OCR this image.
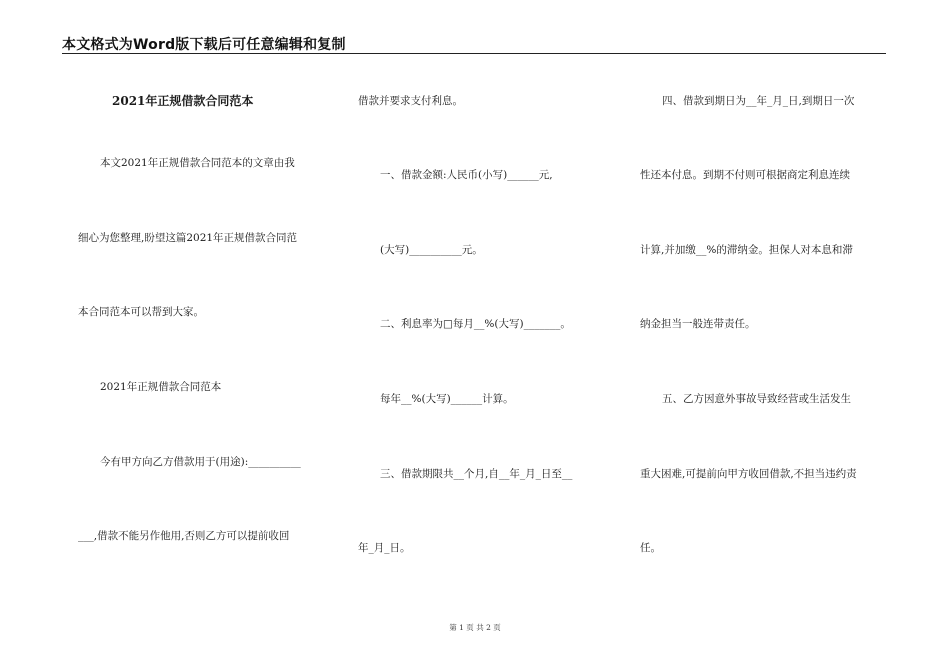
本文格式为Word版下载后可任意编辑和复制
2021年正规借款合同范本
本文2021年正规借款合同范本的文章由我
细心为您整理,盼望这篇2021年正规借款合同范
本合同范本可以帮到大家。
2021年正规借款合同范本
今有甲方向乙方借款用于(用途):__________
___,借款不能另作他用,否则乙方可以提前收回
借款并要求支付利息。
一、借款金额:人民币(小写)______元,
(大写)__________元。
二、利息率为□每月__%(大写)_______。
每年__%(大写)______计算。
三、借款期限共__个月,自__年_月_日至__
年_月_日。
四、借款到期日为__年_月_日,到期日一次
性还本付息。到期不付则可根据商定利息连续
计算,并加缴__%的滞纳金。担保人对本息和滞
纳金担当一般连带责任。
五、乙方因意外事故导致经营或生活发生
重大困难,可提前向甲方收回借款,不担当违约责
任。
第 1 页 共 2 页
